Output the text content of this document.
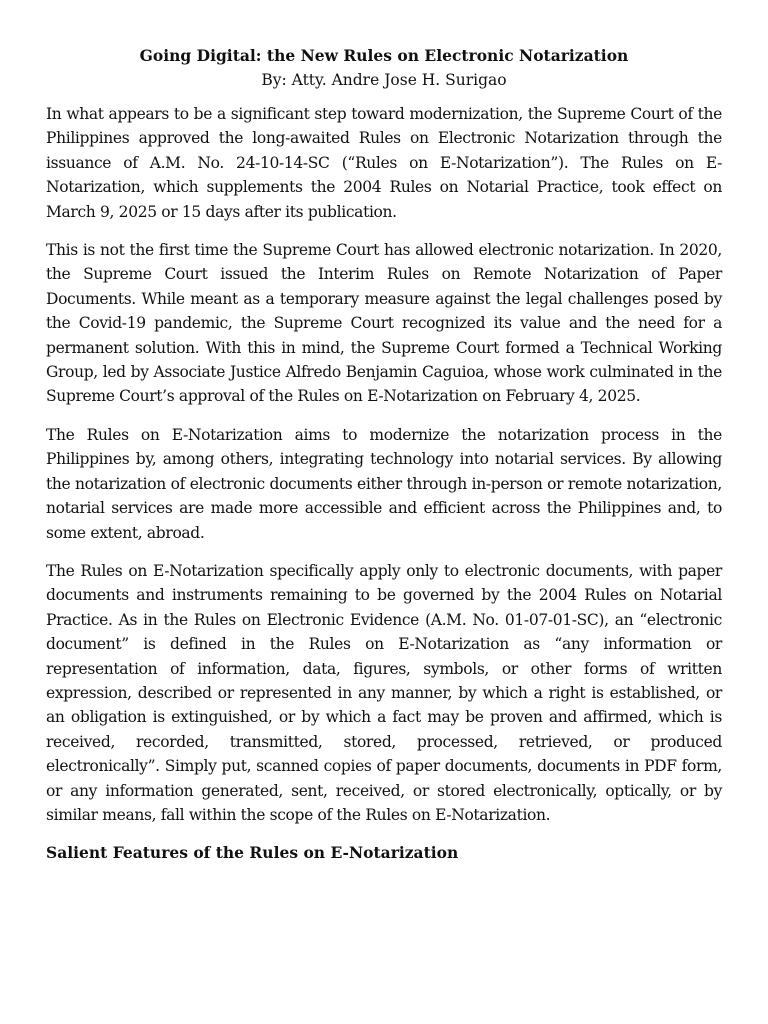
Going Digital: the New Rules on Electronic Notarization
By: Atty. Andre Jose H. Surigao

In what appears to be a significant step toward modernization, the Supreme Court of the Philippines approved the long-awaited Rules on Electronic Notarization through the issuance of A.M. No. 24-10-14-SC (“Rules on E-Notarization”). The Rules on E-Notarization, which supplements the 2004 Rules on Notarial Practice, took effect on March 9, 2025 or 15 days after its publication.

This is not the first time the Supreme Court has allowed electronic notarization. In 2020, the Supreme Court issued the Interim Rules on Remote Notarization of Paper Documents. While meant as a temporary measure against the legal challenges posed by the Covid-19 pandemic, the Supreme Court recognized its value and the need for a permanent solution. With this in mind, the Supreme Court formed a Technical Working Group, led by Associate Justice Alfredo Benjamin Caguioa, whose work culminated in the Supreme Court’s approval of the Rules on E-Notarization on February 4, 2025.

The Rules on E-Notarization aims to modernize the notarization process in the Philippines by, among others, integrating technology into notarial services. By allowing the notarization of electronic documents either through in-person or remote notarization, notarial services are made more accessible and efficient across the Philippines and, to some extent, abroad.

The Rules on E-Notarization specifically apply only to electronic documents, with paper documents and instruments remaining to be governed by the 2004 Rules on Notarial Practice. As in the Rules on Electronic Evidence (A.M. No. 01-07-01-SC), an “electronic document” is defined in the Rules on E-Notarization as “any information or representation of information, data, figures, symbols, or other forms of written expression, described or represented in any manner, by which a right is established, or an obligation is extinguished, or by which a fact may be proven and affirmed, which is received, recorded, transmitted, stored, processed, retrieved, or produced electronically”. Simply put, scanned copies of paper documents, documents in PDF form, or any information generated, sent, received, or stored electronically, optically, or by similar means, fall within the scope of the Rules on E-Notarization.

Salient Features of the Rules on E-Notarization
